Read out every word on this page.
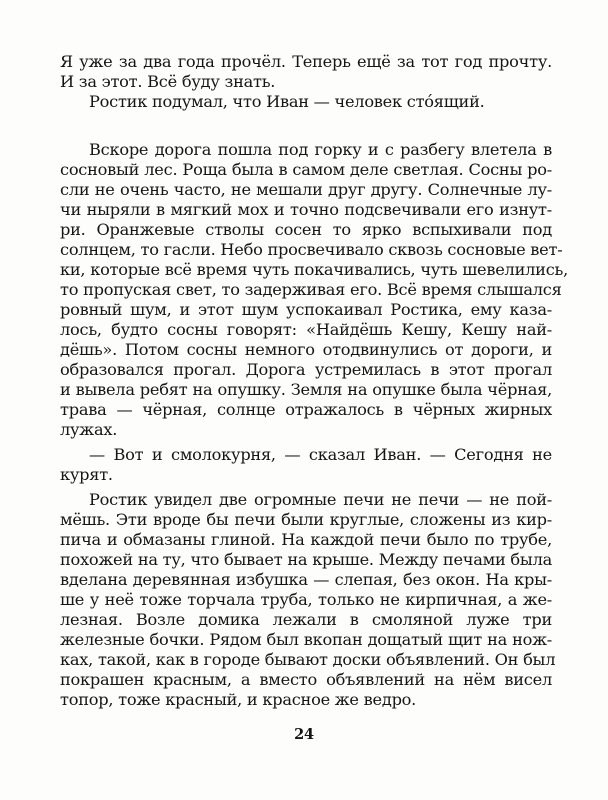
Я уже за два года прочёл. Теперь ещё за тот год прочту.
И за этот. Всё буду знать.
Ростик подумал, что Иван — человек сто́ящий.
Вскоре дорога пошла под горку и с разбегу влетела в
сосновый лес. Роща была в самом деле светлая. Сосны ро-
сли не очень часто, не мешали друг другу. Солнечные лу-
чи ныряли в мягкий мох и точно подсвечивали его изнут-
ри. Оранжевые стволы сосен то ярко вспыхивали под
солнцем, то гасли. Небо просвечивало сквозь сосновые вет-
ки, которые всё время чуть покачивались, чуть шевелились,
то пропуская свет, то задерживая его. Всё время слышался
ровный шум, и этот шум успокаивал Ростика, ему каза-
лось, будто сосны говорят: «Найдёшь Кешу, Кешу най-
дёшь». Потом сосны немного отодвинулись от дороги, и
образовался прогал. Дорога устремилась в этот прогал
и вывела ребят на опушку. Земля на опушке была чёрная,
трава — чёрная, солнце отражалось в чёрных жирных
лужах.
— Вот и смолокурня, — сказал Иван. — Сегодня не
курят.
Ростик увидел две огромные печи не печи — не пой-
мёшь. Эти вроде бы печи были круглые, сложены из кир-
пича и обмазаны глиной. На каждой печи было по трубе,
похожей на ту, что бывает на крыше. Между печами была
вделана деревянная избушка — слепая, без окон. На кры-
ше у неё тоже торчала труба, только не кирпичная, а же-
лезная. Возле домика лежали в смоляной луже три
железные бочки. Рядом был вкопан дощатый щит на нож-
ках, такой, как в городе бывают доски объявлений. Он был
покрашен красным, а вместо объявлений на нём висел
топор, тоже красный, и красное же ведро.
24
